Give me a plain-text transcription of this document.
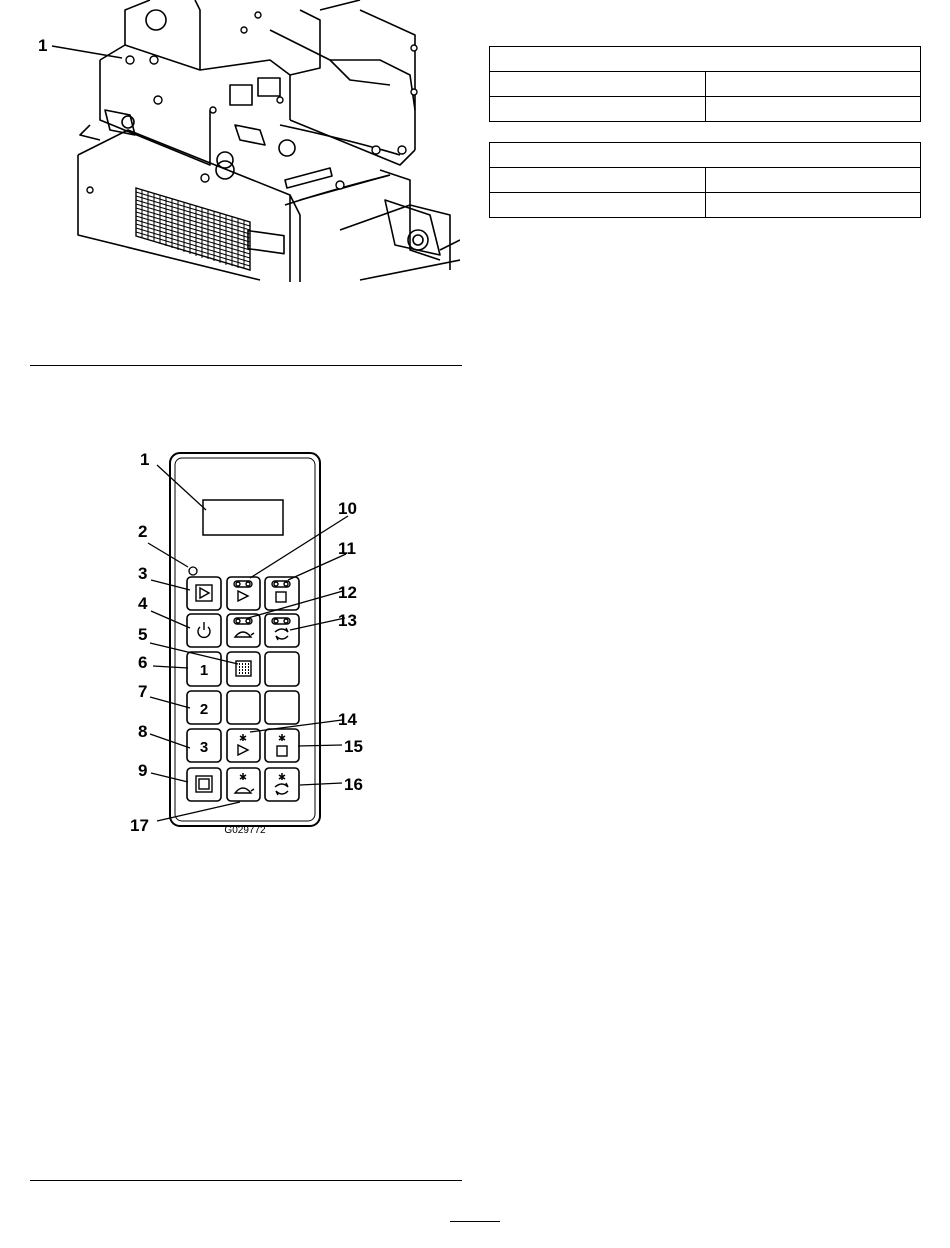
1

1
2
3
1
2
3
4
5
6
7
8
9
10
11
12
13
14
15
16
17	G029772
